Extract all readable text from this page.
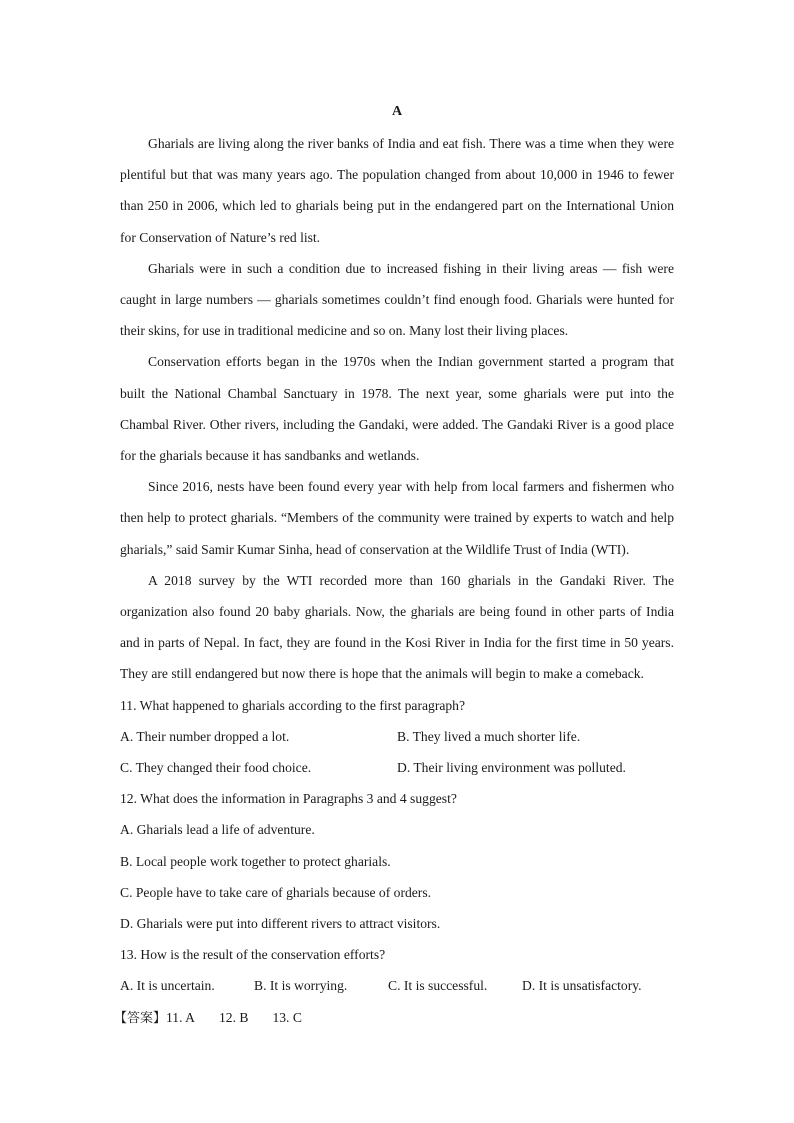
A

Gharials are living along the river banks of India and eat fish. There was a time when they were plentiful but that was many years ago. The population changed from about 10,000 in 1946 to fewer than 250 in 2006, which led to gharials being put in the endangered part on the International Union for Conservation of Nature’s red list.

Gharials were in such a condition due to increased fishing in their living areas — fish were caught in large numbers — gharials sometimes couldn’t find enough food. Gharials were hunted for their skins, for use in traditional medicine and so on. Many lost their living places.

Conservation efforts began in the 1970s when the Indian government started a program that built the National Chambal Sanctuary in 1978. The next year, some gharials were put into the Chambal River. Other rivers, including the Gandaki, were added. The Gandaki River is a good place for the gharials because it has sandbanks and wetlands.

Since 2016, nests have been found every year with help from local farmers and fishermen who then help to protect gharials. “Members of the community were trained by experts to watch and help gharials,” said Samir Kumar Sinha, head of conservation at the Wildlife Trust of India (WTI).

A 2018 survey by the WTI recorded more than 160 gharials in the Gandaki River. The organization also found 20 baby gharials. Now, the gharials are being found in other parts of India and in parts of Nepal. In fact, they are found in the Kosi River in India for the first time in 50 years. They are still endangered but now there is hope that the animals will begin to make a comeback.

11. What happened to gharials according to the first paragraph?

A. Their number dropped a lot.	B. They lived a much shorter life.
C. They changed their food choice.	D. Their living environment was polluted.

12. What does the information in Paragraphs 3 and 4 suggest?

A. Gharials lead a life of adventure.

B. Local people work together to protect gharials.

C. People have to take care of gharials because of orders.

D. Gharials were put into different rivers to attract visitors.

13. How is the result of the conservation efforts?

A. It is uncertain.	B. It is worrying.	C. It is successful.	D. It is unsatisfactory.

【答案】11. A 12. B 13. C
